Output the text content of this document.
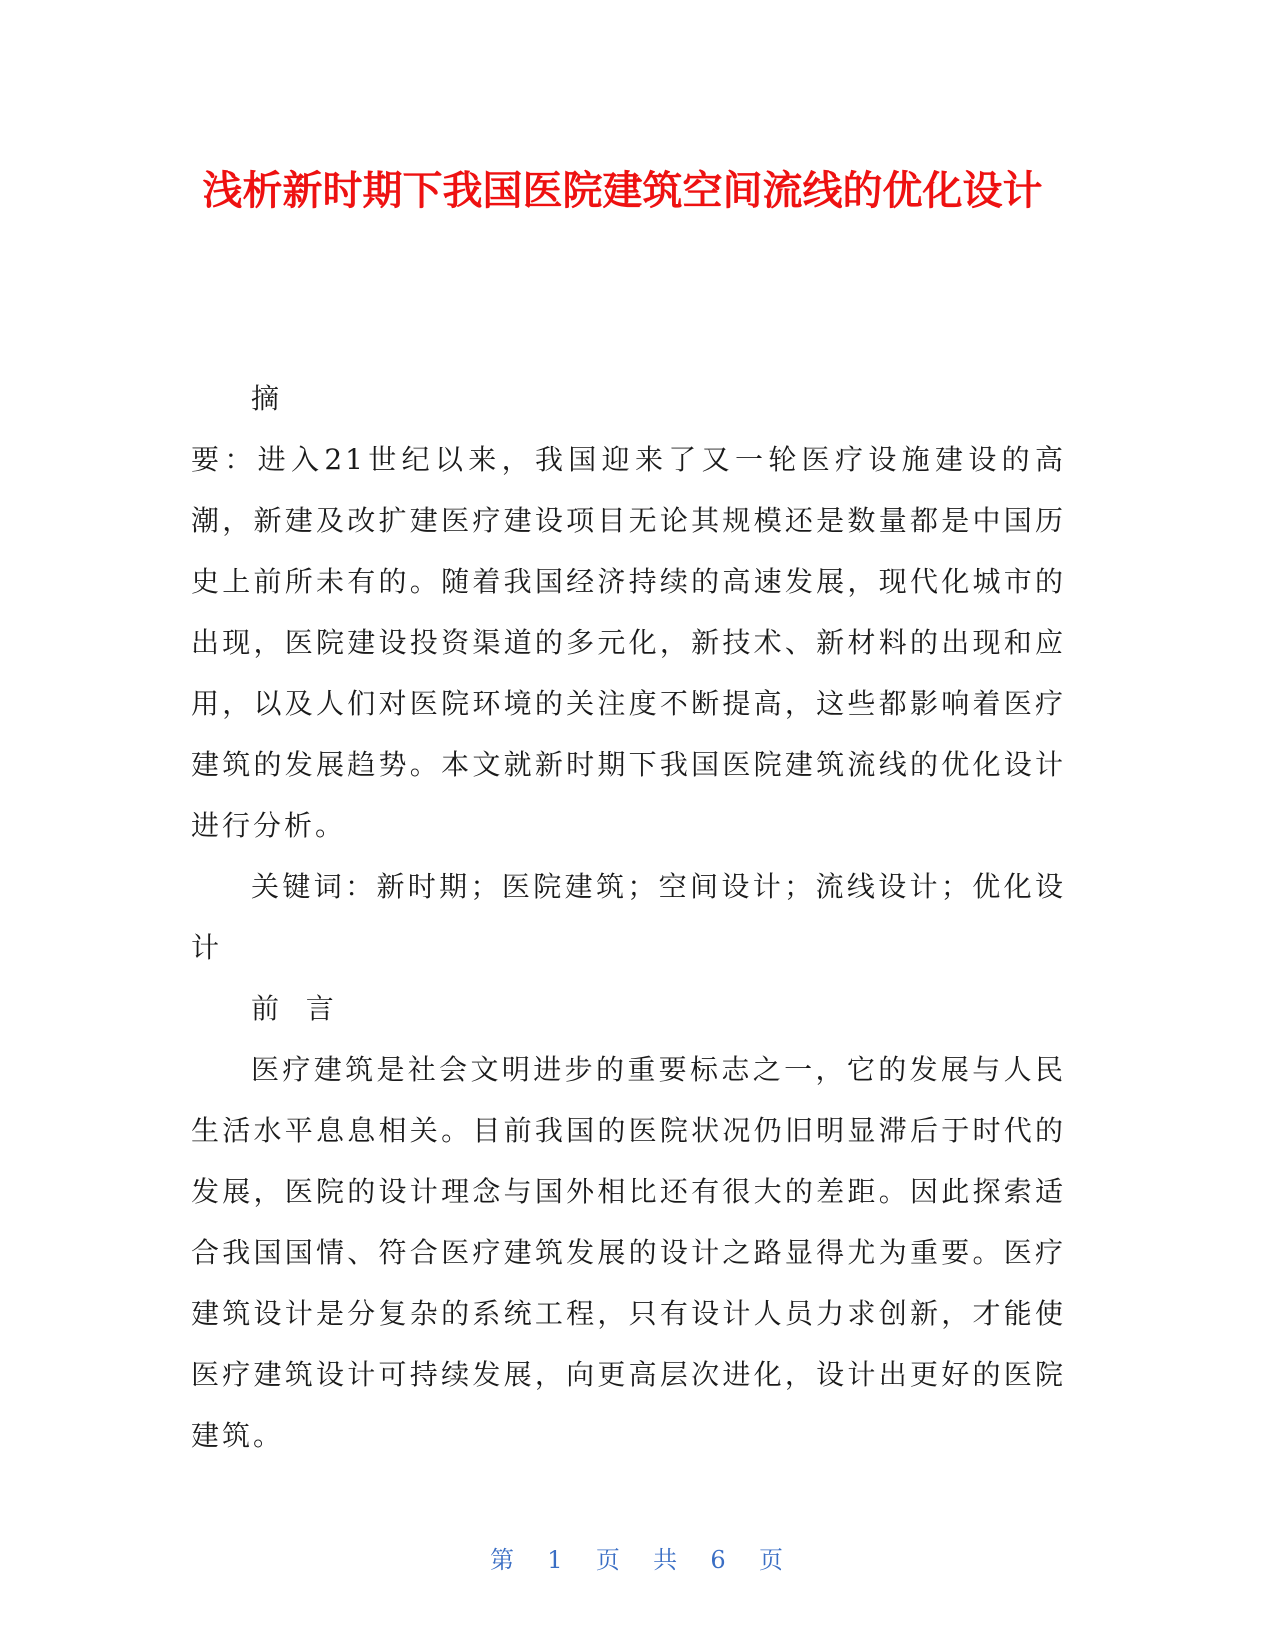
浅析新时期下我国医院建筑空间流线的优化设计

摘

要：进入21世纪以来，我国迎来了又一轮医疗设施建设的高潮，新建及改扩建医疗建设项目无论其规模还是数量都是中国历史上前所未有的。随着我国经济持续的高速发展，现代化城市的出现，医院建设投资渠道的多元化，新技术、新材料的出现和应用，以及人们对医院环境的关注度不断提高，这些都影响着医疗建筑的发展趋势。本文就新时期下我国医院建筑流线的优化设计进行分析。

关键词：新时期；医院建筑；空间设计；流线设计；优化设计

前  言

医疗建筑是社会文明进步的重要标志之一，它的发展与人民生活水平息息相关。目前我国的医院状况仍旧明显滞后于时代的发展，医院的设计理念与国外相比还有很大的差距。因此探索适合我国国情、符合医疗建筑发展的设计之路显得尤为重要。医疗建筑设计是分复杂的系统工程，只有设计人员力求创新，才能使医疗建筑设计可持续发展，向更高层次进化，设计出更好的医院建筑。

第 1 页 共 6 页
